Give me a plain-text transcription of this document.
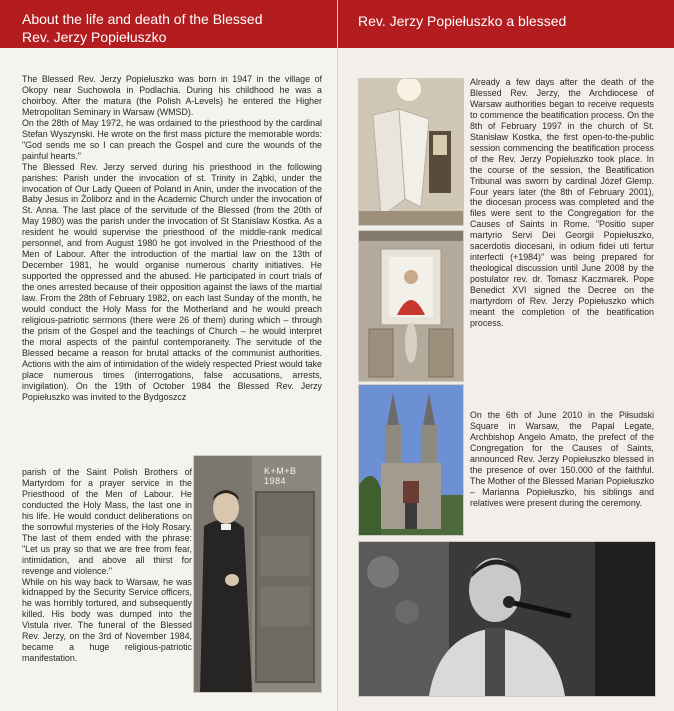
About the life and death of the Blessed
Rev. Jerzy Popiełuszko
Rev. Jerzy Popiełuszko a blessed

The Blessed Rev. Jerzy Popiełuszko was born in 1947 in the village of Okopy near Suchowola in Podlachia. During his childhood he was a choirboy. After the matura (the Polish A-Levels) he entered the Higher Metropolitan Seminary in Warsaw (WMSD).

On the 28th of May 1972, he was ordained to the priesthood by the cardinal Stefan Wyszynski. He wrote on the first mass picture the memorable words: "God sends me so I can preach the Gospel and cure the wounds of the painful hearts."

The Blessed Rev. Jerzy served during his priesthood in the following parishes: Parish under the invocation of st. Trinity in Ząbki, under the invocation of Our Lady Queen of Poland in Anin, under the invocation of the Baby Jesus in Żoliborz and in the Academic Church under the invocation of St. Anna. The last place of the servitude of the Blessed (from the 20th of May 1980) was the parish under the invocation of St Stanislaw Kostka. As a resident he would supervise the priesthood of the middle-rank medical personnel, and from August 1980 he got involved in the Priesthood of the Men of Labour. After the introduction of the martial law on the 13th of December 1981, he would organise numerous charity initiatives. He supported the oppressed and the abused. He participated in court trials of the ones arrested because of their opposition against the laws of the martial law. From the 28th of February 1982, on each last Sunday of the month, he would conduct the Holy Mass for the Motherland and he would preach religious-patriotic sermons (there were 26 of them) during which – through the prism of the Gospel and the teachings of Church – he would interpret the moral aspects of the painful contemporaneity. The servitude of the Blessed became a reason for brutal attacks of the communist authorities. Actions with the aim of intimidation of the widely respected Priest would take place numerous times (interrogations, false accusations, arrests, invigilation). On the 19th of October 1984 the Blessed Rev. Jerzy Popiełuszko was invited to the Bydgoszcz

parish of the Saint Polish Brothers of Martyrdom for a prayer service in the Priesthood of the Men of Labour. He conducted the Holy Mass, the last one in his life. He would conduct deliberations on the sorrowful mysteries of the Holy Rosary. The last of them ended with the phrase: "Let us pray so that we are free from fear, intimidation, and above all thirst for revenge and violence."

While on his way back to Warsaw, he was kidnapped by the Security Service officers, he was horribly tortured, and subsequently killed. His body was dumped into the Vistula river. The funeral of the Blessed Rev. Jerzy, on the 3rd of November 1984, became a huge religious-patriotic manifestation.

K+M+B 1984

Already a few days after the death of the Blessed Rev. Jerzy, the Archdiocese of Warsaw authorities began to receive requests to commence the beatification process. On the 8th of February 1997 in the church of St. Stanisław Kostka, the first open-to-the-public session commencing the beatification process of the Rev. Jerzy Popiełuszko took place. In the course of the session, the Beatification Tribunal was sworn by cardinal Józef Glemp. Four years later (the 8th of February 2001), the diocesan process was completed and the files were sent to the Congregation for the Causes of Saints in Rome. "Positio super martyrio Servi Dei Georgii Popiełuszko, sacerdotis diocesani, in odium fidei uti fertur interfecti (+1984)" was being prepared for theological discussion until June 2008 by the postulator rev. dr. Tomasz Kaczmarek. Pope Benedict XVI signed the Decree on the martyrdom of Rev. Jerzy Popiełuszko which meant the completion of the beatification process.

On the 6th of June 2010 in the Piłsudski Square in Warsaw, the Papal Legate, Archbishop Angelo Amato, the prefect of the Congregation for the Causes of Saints, announced Rev. Jerzy Popiełuszko blessed in the presence of over 150.000 of the faithful. The Mother of the Blessed Marian Popiełuszko – Marianna Popiełuszko, his siblings and relatives were present during the ceremony.
